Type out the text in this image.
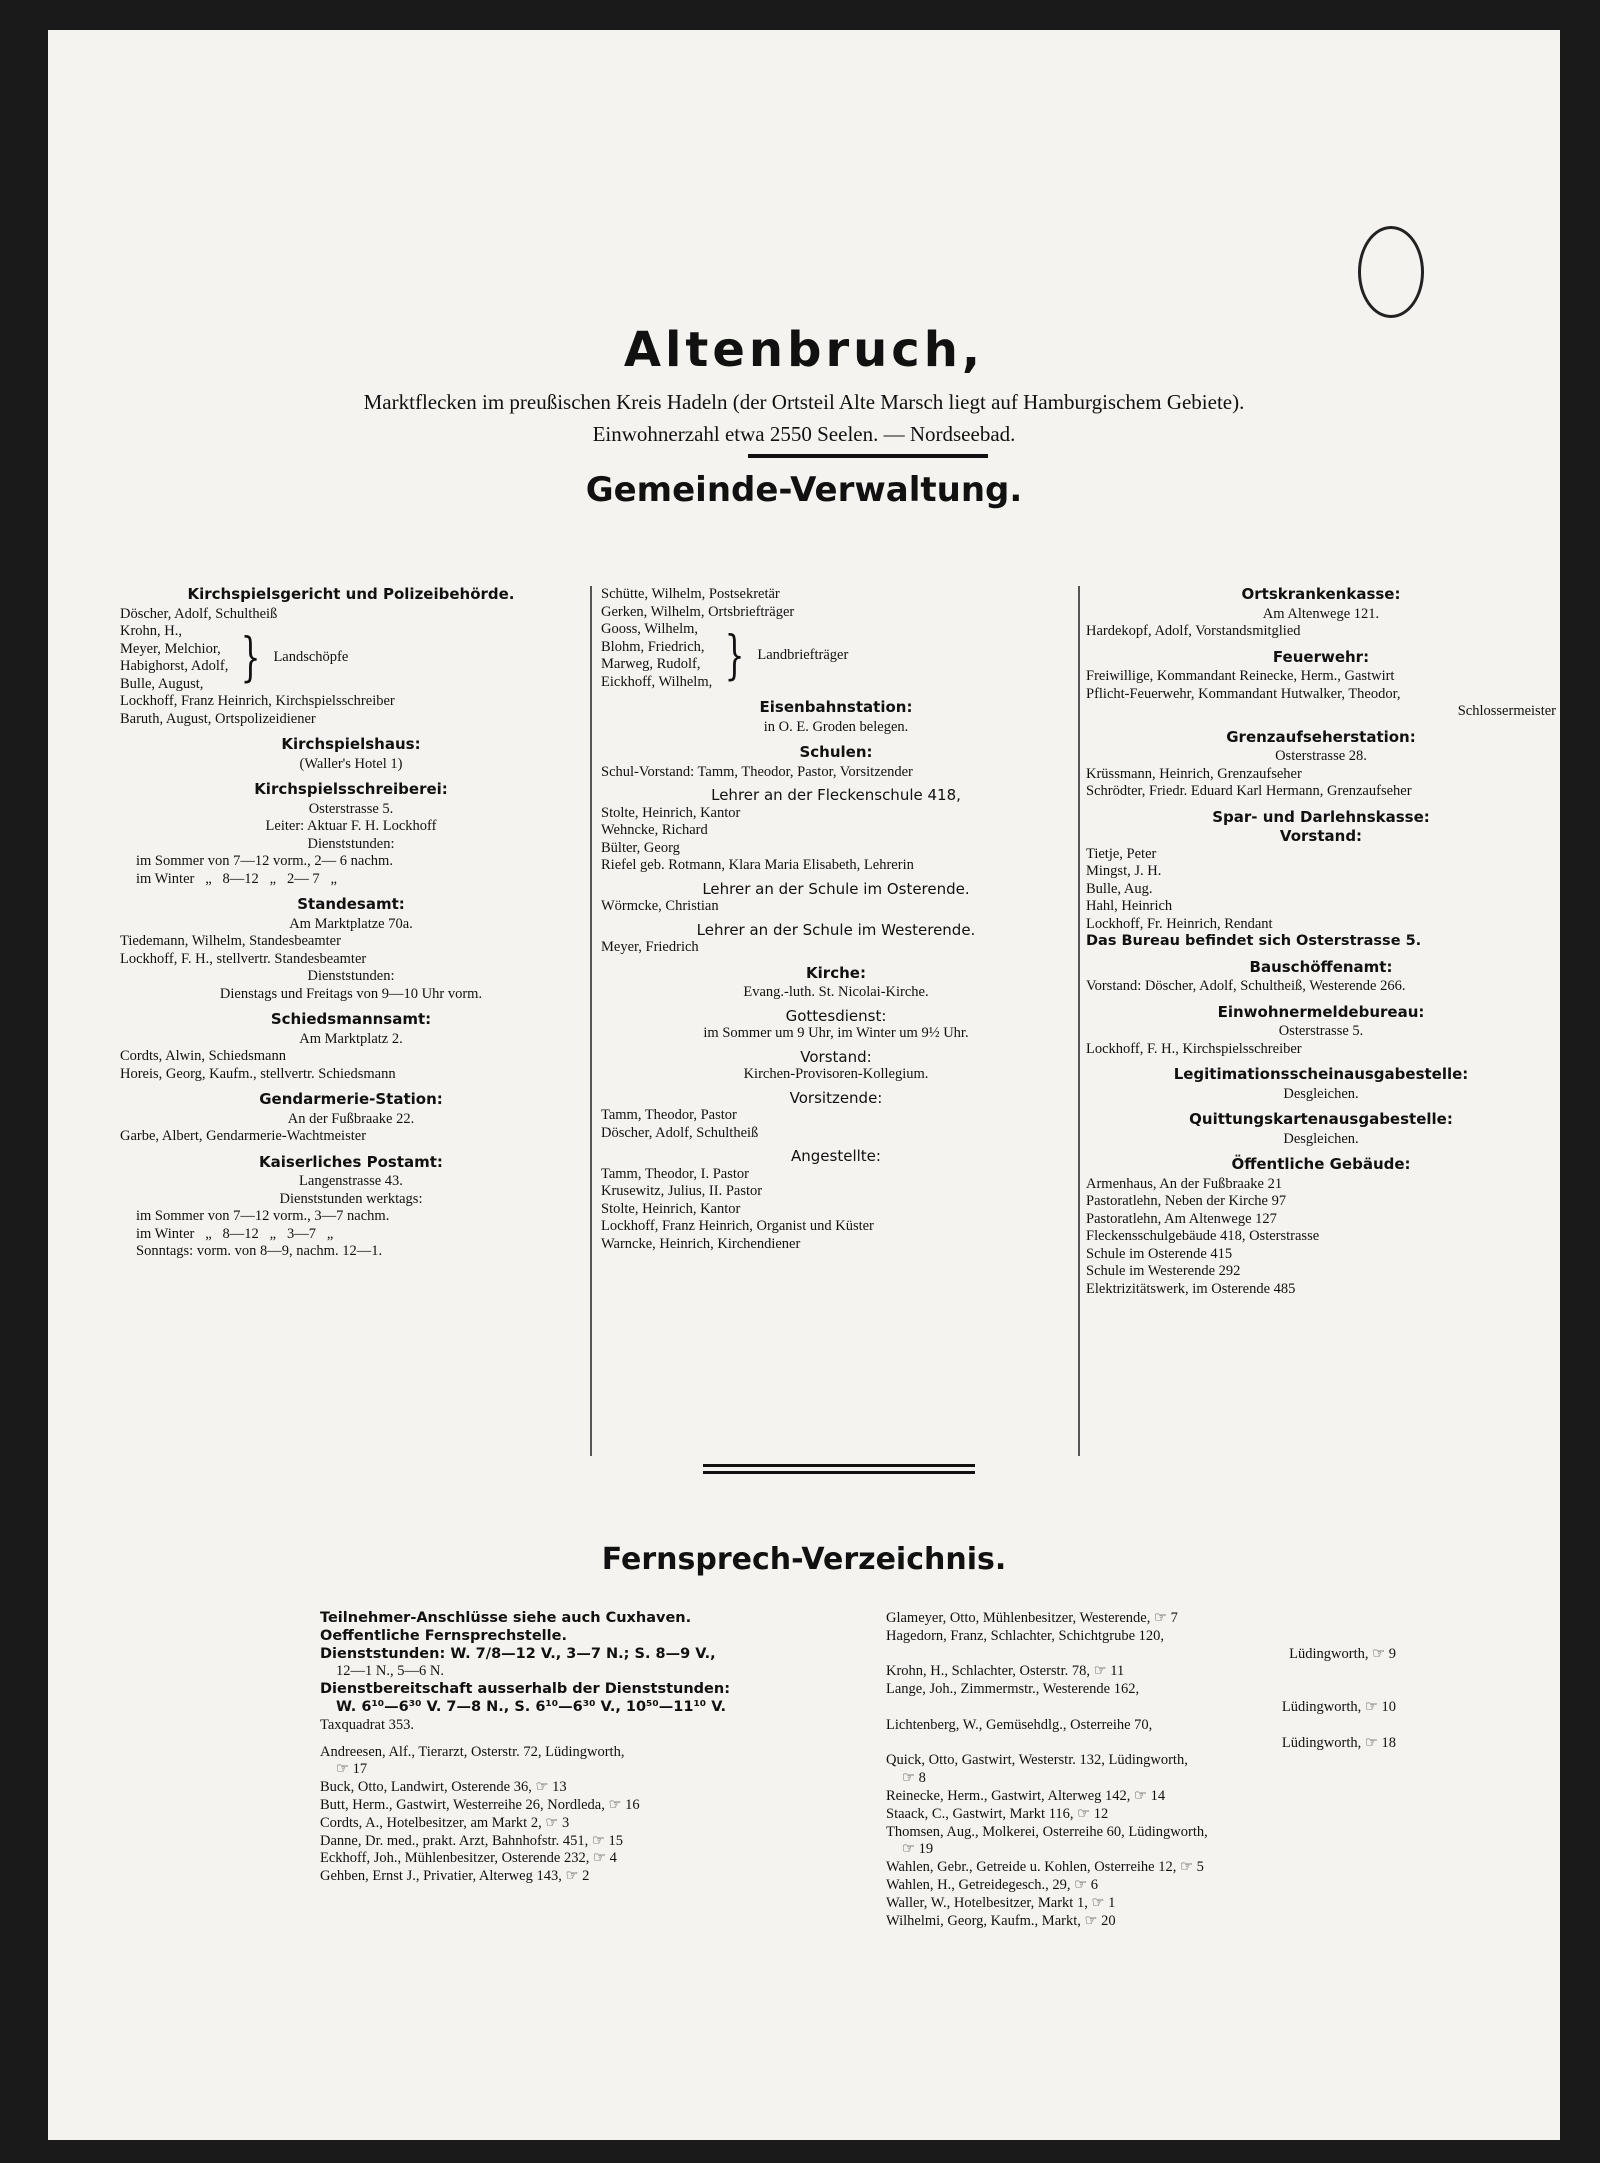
Altenbruch,
Marktflecken im preußischen Kreis Hadeln (der Ortsteil Alte Marsch liegt auf Hamburgischem Gebiete).
Einwohnerzahl etwa 2550 Seelen. — Nordseebad.
Gemeinde-Verwaltung.
Kirchspielsgericht und Polizeibehörde.
Döscher, Adolf, Schultheiß
Krohn, H.,
Meyer, Melchior,
Habighorst, Adolf,
Bulle, August, } Landschöpfe
Lockhoff, Franz Heinrich, Kirchspielsschreiber
Baruth, August, Ortspolizeidiener
Kirchspielshaus:
(Waller's Hotel 1)
Kirchspielsschreiberei:
Osterstrasse 5.
Leiter: Aktuar F. H. Lockhoff
Dienststunden:
im Sommer von 7—12 vorm., 2— 6 nachm.
im Winter   „   8—12   „   2— 7   „
Standesamt:
Am Marktplatze 70a.
Tiedemann, Wilhelm, Standesbeamter
Lockhoff, F. H., stellvertr. Standesbeamter
Dienststunden:
Dienstags und Freitags von 9—10 Uhr vorm.
Schiedsmannsamt:
Am Marktplatz 2.
Cordts, Alwin, Schiedsmann
Horeis, Georg, Kaufm., stellvertr. Schiedsmann
Gendarmerie-Station:
An der Fußbraake 22.
Garbe, Albert, Gendarmerie-Wachtmeister
Kaiserliches Postamt:
Langenstrasse 43.
Dienststunden werktags:
im Sommer von 7—12 vorm., 3—7 nachm.
im Winter   „   8—12   „   3—7   „
Sonntags: vorm. von 8—9, nachm. 12—1.
Schütte, Wilhelm, Postsekretär
Gerken, Wilhelm, Ortsbriefträger
Gooss, Wilhelm,
Blohm, Friedrich,
Marweg, Rudolf,
Eickhoff, Wilhelm, } Landbriefträger
Eisenbahnstation:
in O. E. Groden belegen.
Schulen:
Schul-Vorstand: Tamm, Theodor, Pastor, Vorsitzender
Lehrer an der Fleckenschule 418,
Stolte, Heinrich, Kantor
Wehncke, Richard
Bülter, Georg
Riefel geb. Rotmann, Klara Maria Elisabeth, Lehrerin
Lehrer an der Schule im Osterende.
Wörmcke, Christian
Lehrer an der Schule im Westerende.
Meyer, Friedrich
Kirche:
Evang.-luth. St. Nicolai-Kirche.
Gottesdienst:
im Sommer um 9 Uhr, im Winter um 9½ Uhr.
Vorstand:
Kirchen-Provisoren-Kollegium.
Vorsitzende:
Tamm, Theodor, Pastor
Döscher, Adolf, Schultheiß
Angestellte:
Tamm, Theodor, I. Pastor
Krusewitz, Julius, II. Pastor
Stolte, Heinrich, Kantor
Lockhoff, Franz Heinrich, Organist und Küster
Warncke, Heinrich, Kirchendiener
Ortskrankenkasse:
Am Altenwege 121.
Hardekopf, Adolf, Vorstandsmitglied
Feuerwehr:
Freiwillige, Kommandant Reinecke, Herm., Gastwirt
Pflicht-Feuerwehr, Kommandant Hutwalker, Theodor,
Schlossermeister
Grenzaufseherstation:
Osterstrasse 28.
Krüssmann, Heinrich, Grenzaufseher
Schrödter, Friedr. Eduard Karl Hermann, Grenzaufseher
Spar- und Darlehnskasse:
Vorstand:
Tietje, Peter
Mingst, J. H.
Bulle, Aug.
Hahl, Heinrich
Lockhoff, Fr. Heinrich, Rendant
Das Bureau befindet sich Osterstrasse 5.
Bauschöffenamt:
Vorstand: Döscher, Adolf, Schultheiß, Westerende 266.
Einwohnermeldebureau:
Osterstrasse 5.
Lockhoff, F. H., Kirchspielsschreiber
Legitimationsscheinausgabestelle:
Desgleichen.
Quittungskartenausgabestelle:
Desgleichen.
Öffentliche Gebäude:
Armenhaus, An der Fußbraake 21
Pastoratlehn, Neben der Kirche 97
Pastoratlehn, Am Altenwege 127
Fleckensschulgebäude 418, Osterstrasse
Schule im Osterende 415
Schule im Westerende 292
Elektrizitätswerk, im Osterende 485
Fernsprech-Verzeichnis.
Teilnehmer-Anschlüsse siehe auch Cuxhaven.
Oeffentliche Fernsprechstelle.
Dienststunden: W. 7/8—12 V., 3—7 N.; S. 8—9 V.,
12—1 N., 5—6 N.
Dienstbereitschaft ausserhalb der Dienststunden:
W. 6¹⁰—6³⁰ V. 7—8 N., S. 6¹⁰—6³⁰ V., 10⁵⁰—11¹⁰ V.
Taxquadrat 353.
Andreesen, Alf., Tierarzt, Osterstr. 72, Lüdingworth,
☞ 17
Buck, Otto, Landwirt, Osterende 36, ☞ 13
Butt, Herm., Gastwirt, Westerreihe 26, Nordleda, ☞ 16
Cordts, A., Hotelbesitzer, am Markt 2, ☞ 3
Danne, Dr. med., prakt. Arzt, Bahnhofstr. 451, ☞ 15
Eckhoff, Joh., Mühlenbesitzer, Osterende 232, ☞ 4
Gehben, Ernst J., Privatier, Alterweg 143, ☞ 2
Glameyer, Otto, Mühlenbesitzer, Westerende, ☞ 7
Hagedorn, Franz, Schlachter, Schichtgrube 120,
Lüdingworth, ☞ 9
Krohn, H., Schlachter, Osterstr. 78, ☞ 11
Lange, Joh., Zimmermstr., Westerende 162,
Lüdingworth, ☞ 10
Lichtenberg, W., Gemüsehdlg., Osterreihe 70,
Lüdingworth, ☞ 18
Quick, Otto, Gastwirt, Westerstr. 132, Lüdingworth,
☞ 8
Reinecke, Herm., Gastwirt, Alterweg 142, ☞ 14
Staack, C., Gastwirt, Markt 116, ☞ 12
Thomsen, Aug., Molkerei, Osterreihe 60, Lüdingworth,
☞ 19
Wahlen, Gebr., Getreide u. Kohlen, Osterreihe 12, ☞ 5
Wahlen, H., Getreidegesch., 29, ☞ 6
Waller, W., Hotelbesitzer, Markt 1, ☞ 1
Wilhelmi, Georg, Kaufm., Markt, ☞ 20
